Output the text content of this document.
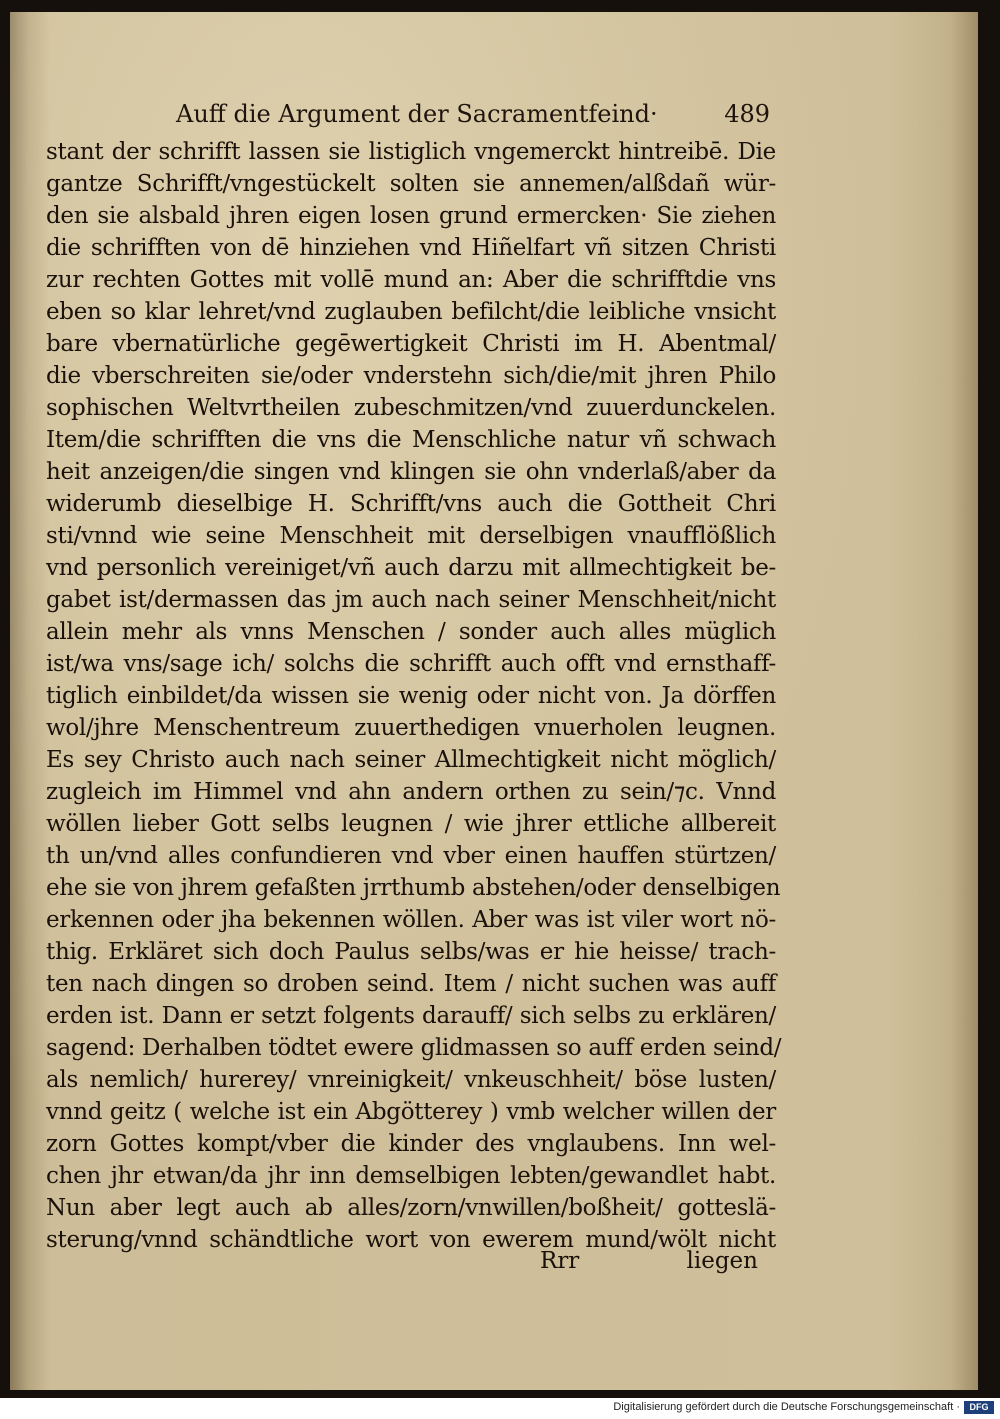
Auff die Argument der Sacramentfeind·	489
stant der schrifft lassen sie listiglich vngemerckt hintreibē. Die
gantze Schrifft/vngestückelt solten sie annemen/alßdañ wür-
den sie alsbald jhren eigen losen grund ermercken· Sie ziehen
die schrifften von dē hinziehen vnd Hiñelfart vñ sitzen Christi
zur rechten Gottes mit vollē mund an: Aber die schrifftdie vns
eben so klar lehret/vnd zuglauben befilcht/die leibliche vnsicht
bare vbernatürliche gegēwertigkeit Christi im H. Abentmal/
die vberschreiten sie/oder vnderstehn sich/die/mit jhren Philo
sophischen Weltvrtheilen zubeschmitzen/vnd zuuerdunckelen.
Item/die schrifften die vns die Menschliche natur vñ schwach
heit anzeigen/die singen vnd klingen sie ohn vnderlaß/aber da
widerumb dieselbige H. Schrifft/vns auch die Gottheit Chri
sti/vnnd wie seine Menschheit mit derselbigen vnaufflößlich
vnd personlich vereiniget/vñ auch darzu mit allmechtigkeit be-
gabet ist/dermassen das jm auch nach seiner Menschheit/nicht
allein mehr als vnns Menschen / sonder auch alles müglich
ist/wa vns/sage ich/ solchs die schrifft auch offt vnd ernsthaff-
tiglich einbildet/da wissen sie wenig oder nicht von. Ja dörffen
wol/jhre Menschentreum zuuerthedigen vnuerholen leugnen.
Es sey Christo auch nach seiner Allmechtigkeit nicht möglich/
zugleich im Himmel vnd ahn andern orthen zu sein/⁊c. Vnnd
wöllen lieber Gott selbs leugnen / wie jhrer ettliche allbereit
th un/vnd alles confundieren vnd vber einen hauffen stürtzen/
ehe sie von jhrem gefaßten jrrthumb abstehen/oder denselbigen
erkennen oder jha bekennen wöllen. Aber was ist viler wort nö-
thig. Erkläret sich doch Paulus selbs/was er hie heisse/ trach-
ten nach dingen so droben seind. Item / nicht suchen was auff
erden ist. Dann er setzt folgents darauff/ sich selbs zu erklären/
sagend: Derhalben tödtet ewere glidmassen so auff erden seind/
als nemlich/ hurerey/ vnreinigkeit/ vnkeuschheit/ böse lusten/
vnnd geitz ( welche ist ein Abgötterey ) vmb welcher willen der
zorn Gottes kompt/vber die kinder des vnglaubens. Inn wel-
chen jhr etwan/da jhr inn demselbigen lebten/gewandlet habt.
Nun aber legt auch ab alles/zorn/vnwillen/boßheit/ gotteslä-
sterung/vnnd schändtliche wort von ewerem mund/wölt nicht
Rrr	liegen
Digitalisierung gefördert durch die Deutsche Forschungsgemeinschaft ·	DFG
